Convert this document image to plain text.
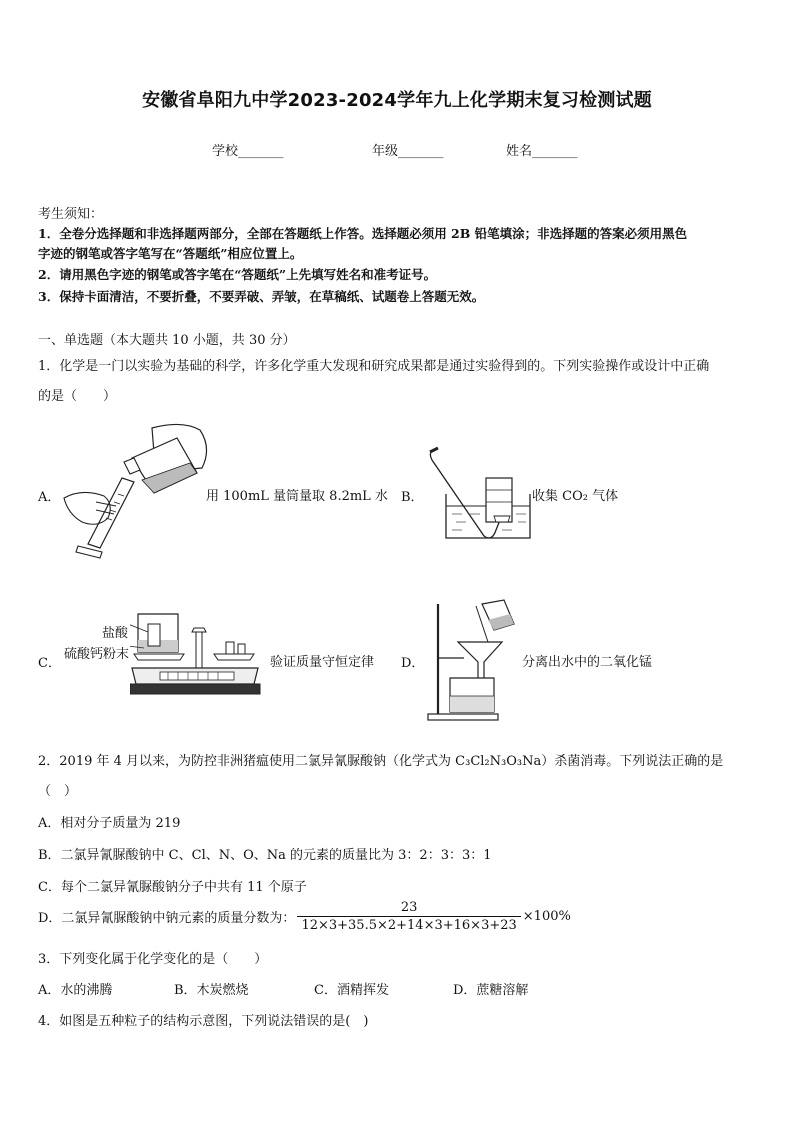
安徽省阜阳九中学2023-2024学年九上化学期末复习检测试题
学校_______	年级_______	姓名_______
考生须知：
1．全卷分选择题和非选择题两部分，全部在答题纸上作答。选择题必须用 2B 铅笔填涂；非选择题的答案必须用黑色
字迹的钢笔或答字笔写在“答题纸”相应位置上。
2．请用黑色字迹的钢笔或答字笔在“答题纸”上先填写姓名和准考证号。
3．保持卡面清洁，不要折叠，不要弄破、弄皱，在草稿纸、试题卷上答题无效。
一、单选题（本大题共 10 小题，共 30 分）
1．化学是一门以实验为基础的科学，许多化学重大发现和研究成果都是通过实验得到的。下列实验操作或设计中正确
的是（　　）
A．	用 100mL 量筒量取 8.2mL 水 B．	收集 CO₂ 气体
C．
盐酸
硫酸钙粉末
验证质量守恒定律 D．	分离出水中的二氧化锰
2．2019 年 4 月以来，为防控非洲猪瘟使用二氯异氰脲酸钠（化学式为 C₃Cl₂N₃O₃Na）杀菌消毒。下列说法正确的是
（　）
A．相对分子质量为 219
B．二氯异氰脲酸钠中 C、Cl、N、O、Na 的元素的质量比为 3：2：3：3：1
C．每个二氯异氰脲酸钠分子中共有 11 个原子
D．二氯异氰脲酸钠中钠元素的质量分数为： $\frac{23}{12\times 3+35.5\times 2+14\times 3+16\times 3+23} \times 100\%$
3．下列变化属于化学变化的是（　　）
A．水的沸腾	B．木炭燃烧	C．酒精挥发	D．蔗糖溶解
4．如图是五种粒子的结构示意图，下列说法错误的是(　)
